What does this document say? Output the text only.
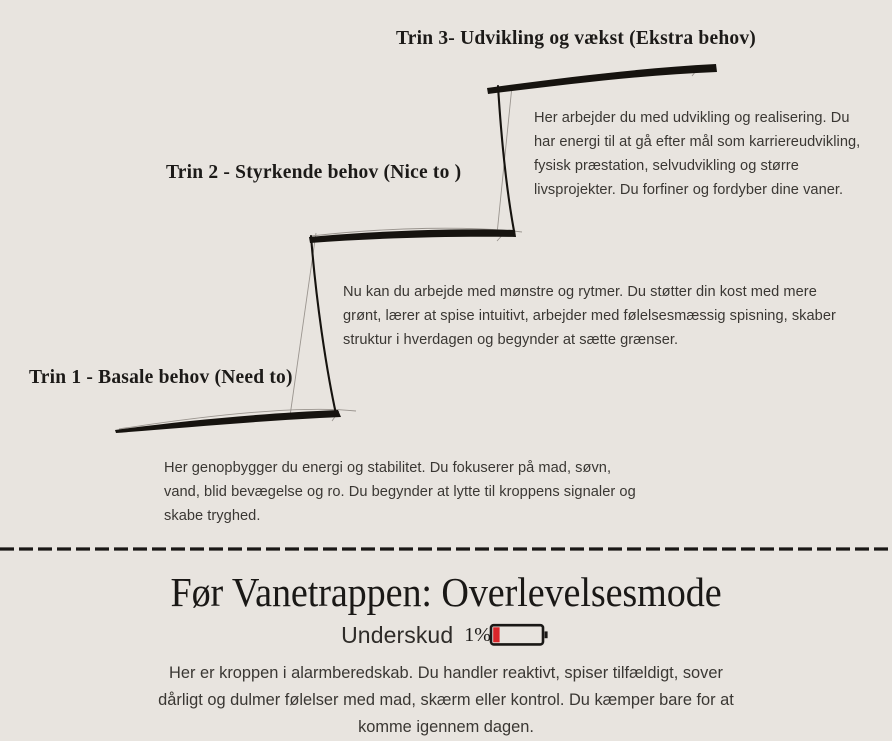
Trin 3- Udvikling og vækst (Ekstra behov)
Her arbejder du med udvikling og realisering. Du har energi til at gå efter mål som karriereudvikling, fysisk præstation, selvudvikling og større livsprojekter. Du forfiner og fordyber dine vaner.
Trin 2 - Styrkende behov (Nice to )
Nu kan du arbejde med mønstre og rytmer. Du støtter din kost med mere grønt, lærer at spise intuitivt, arbejder med følelsesmæssig spisning, skaber struktur i hverdagen og begynder at sætte grænser.
Trin 1 - Basale behov (Need to)
Her genopbygger du energi og stabilitet. Du fokuserer på mad, søvn, vand, blid bevægelse og ro. Du begynder at lytte til kroppens signaler og skabe tryghed.
Før Vanetrappen: Overlevelsesmode
Underskud 1%

Her er kroppen i alarmberedskab. Du handler reaktivt, spiser tilfældigt, sover dårligt og dulmer følelser med mad, skærm eller kontrol. Du kæmper bare for at komme igennem dagen.
